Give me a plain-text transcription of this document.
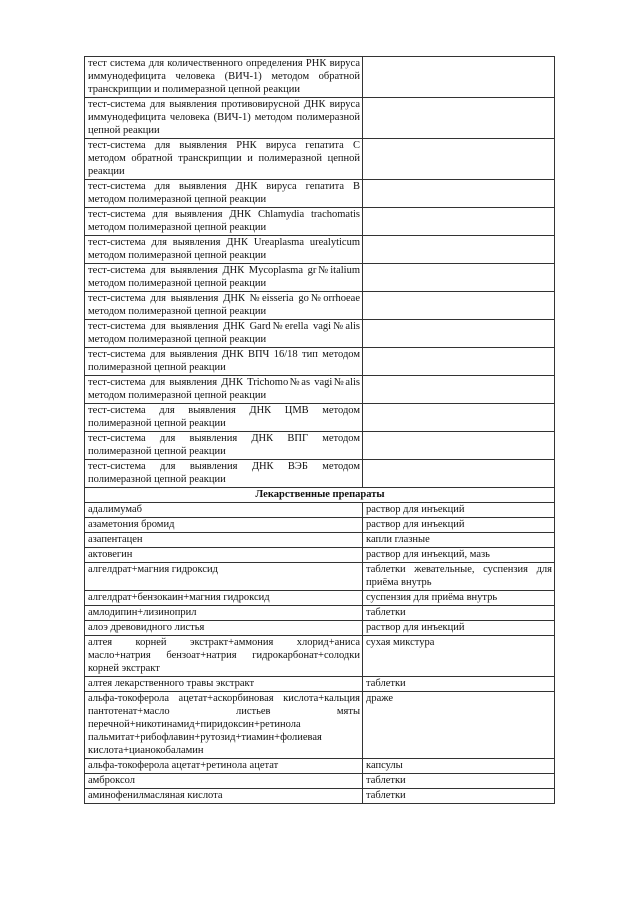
тест система для количественного определения РНК вируса иммунодефицита человека (ВИЧ-1) методом обратной транскрипции и полимеразной цепной реакции	
тест-система для выявления противовирусной ДНК вируса иммунодефицита человека (ВИЧ-1) методом полимеразной цепной реакции	
тест-система для выявления РНК вируса гепатита С методом обратной транскрипции и полимеразной цепной реакции	
тест-система для выявления ДНК вируса гепатита В методом полимеразной цепной реакции	
тест-система для выявления ДНК Chlamydia trachomatis методом полимеразной цепной реакции	
тест-система для выявления ДНК Ureaplasma urealyticum методом полимеразной цепной реакции	
тест-система для выявления ДНК Mycoplasma gr№italium методом полимеразной цепной реакции	
тест-система для выявления ДНК №eisseria go№orrhoeae методом полимеразной цепной реакции	
тест-система для выявления ДНК Gard№erella vagi№alis методом полимеразной цепной реакции	
тест-система для выявления ДНК ВПЧ 16/18 тип методом полимеразной цепной реакции	
тест-система для выявления ДНК Trichomo№as vagi№alis методом полимеразной цепной реакции	
тест-система для выявления ДНК ЦМВ методом полимеразной цепной реакции	
тест-система для выявления ДНК ВПГ методом полимеразной цепной реакции	
тест-система для выявления ДНК ВЭБ методом полимеразной цепной реакции	
Лекарственные препараты	
адалимумаб	раствор для инъекций
азаметония бромид	раствор для инъекций
азапентацен	капли глазные
актовегин	раствор для инъекций, мазь
алгелдрат+магния гидроксид	таблетки жевательные, суспензия для приёма внутрь
алгелдрат+бензокаин+магния гидроксид	суспензия для приёма внутрь
амлодипин+лизиноприл	таблетки
алоэ древовидного листья	раствор для инъекций
алтея корней экстракт+аммония хлорид+аниса масло+натрия бензоат+натрия гидрокарбонат+солодки корней экстракт	сухая микстура
алтея лекарственного травы экстракт	таблетки
альфа-токоферола ацетат+аскорбиновая кислота+кальция пантотенат+масло листьев мяты перечной+никотинамид+пиридоксин+ретинола пальмитат+рибофлавин+рутозид+тиамин+фолиевая кислота+цианокобаламин	драже
альфа-токоферола ацетат+ретинола ацетат	капсулы
амброксол	таблетки
аминофенилмасляная кислота	таблетки
